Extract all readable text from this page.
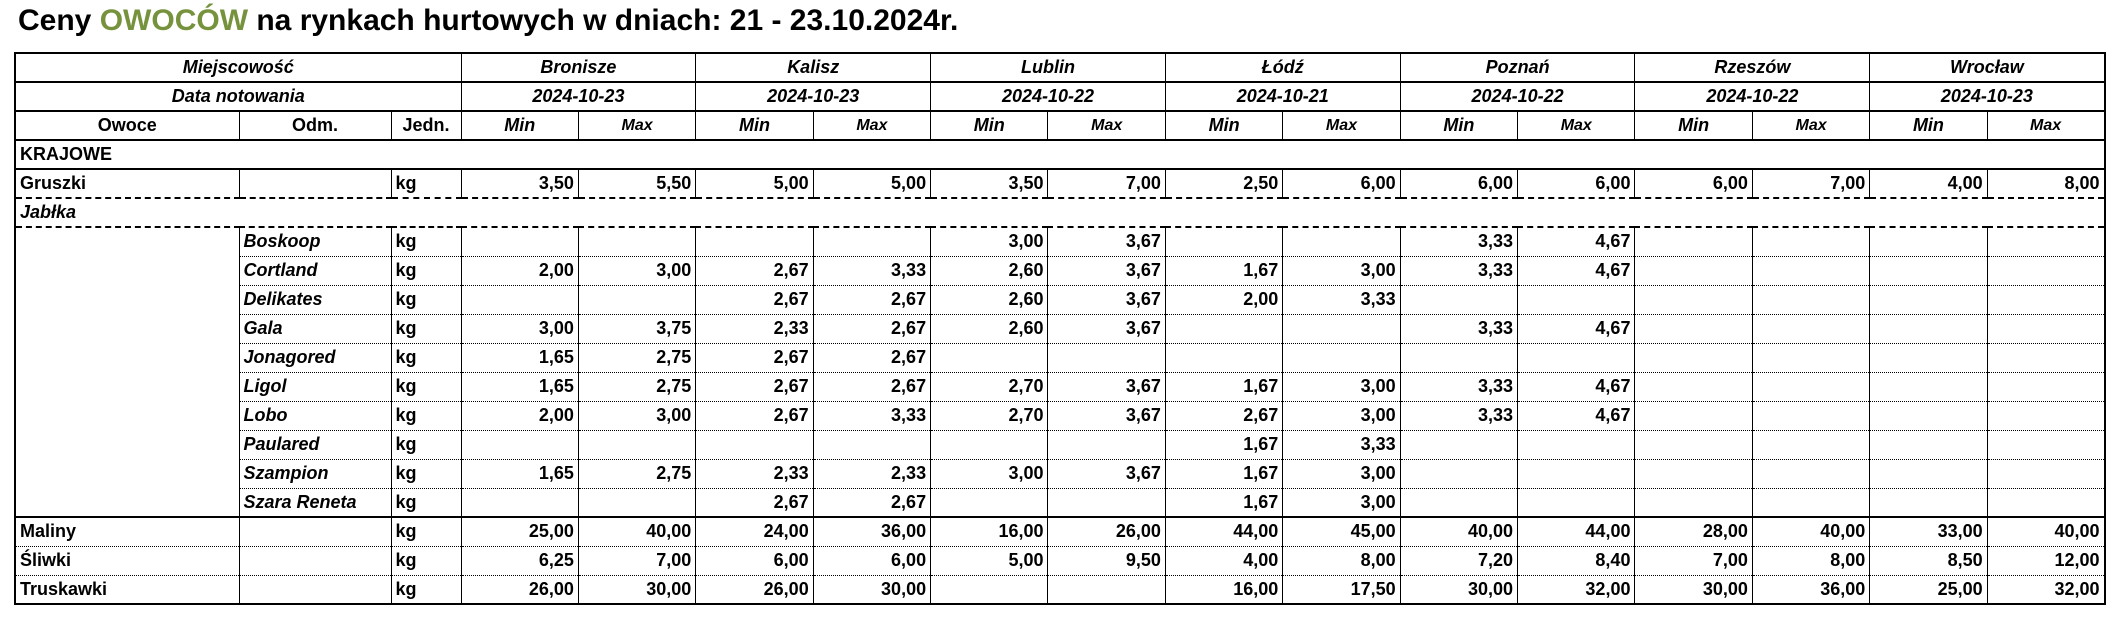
Ceny OWOCÓW na rynkach hurtowych w dniach: 21 - 23.10.2024r.
Miejscowość			Bronisze		Kalisz		Lublin		Łódź		Poznań		Rzeszów		Wrocław	
Data notowania			2024-10-23		2024-10-23		2024-10-22		2024-10-21		2024-10-22		2024-10-22		2024-10-23	
Owoce	Odm.	Jedn.	Min	Max	Min	Max	Min	Max	Min	Max	Min	Max	Min	Max	Min	Max
KRAJOWE																
Gruszki		kg	3,50	5,50	5,00	5,00	3,50	7,00	2,50	6,00	6,00	6,00	6,00	7,00	4,00	8,00
Jabłka																
	Boskoop	kg					3,00	3,67			3,33	4,67				
	Cortland	kg	2,00	3,00	2,67	3,33	2,60	3,67	1,67	3,00	3,33	4,67				
	Delikates	kg			2,67	2,67	2,60	3,67	2,00	3,33						
	Gala	kg	3,00	3,75	2,33	2,67	2,60	3,67			3,33	4,67				
	Jonagored	kg	1,65	2,75	2,67	2,67										
	Ligol	kg	1,65	2,75	2,67	2,67	2,70	3,67	1,67	3,00	3,33	4,67				
	Lobo	kg	2,00	3,00	2,67	3,33	2,70	3,67	2,67	3,00	3,33	4,67				
	Paulared	kg							1,67	3,33						
	Szampion	kg	1,65	2,75	2,33	2,33	3,00	3,67	1,67	3,00						
	Szara Reneta	kg			2,67	2,67			1,67	3,00						
Maliny		kg	25,00	40,00	24,00	36,00	16,00	26,00	44,00	45,00	40,00	44,00	28,00	40,00	33,00	40,00
Śliwki		kg	6,25	7,00	6,00	6,00	5,00	9,50	4,00	8,00	7,20	8,40	7,00	8,00	8,50	12,00
Truskawki		kg	26,00	30,00	26,00	30,00			16,00	17,50	30,00	32,00	30,00	36,00	25,00	32,00
